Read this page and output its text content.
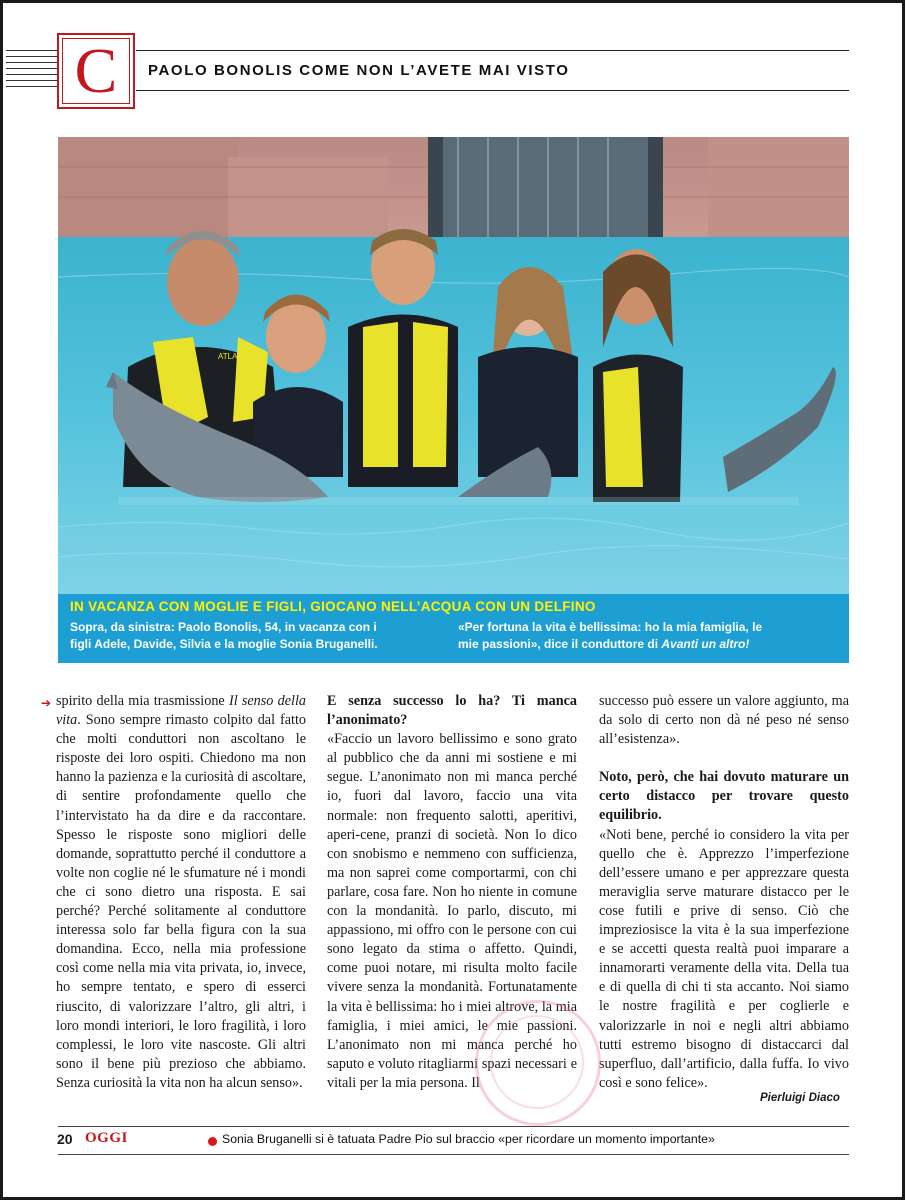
C	PAOLO BONOLIS COME NON L’AVETE MAI VISTO
ATLANTIS
IN VACANZA CON MOGLIE E FIGLI, GIOCANO NELL’ACQUA CON UN DELFINO
Sopra, da sinistra: Paolo Bonolis, 54, in vacanza con i
figli Adele, Davide, Silvia e la moglie Sonia Bruganelli.
«Per fortuna la vita è bellissima: ho la mia famiglia, le
mie passioni», dice il conduttore di Avanti un altro!
➔ spirito della mia trasmissione Il senso della vita. Sono sempre rimasto colpito dal fatto che molti conduttori non ascoltano le risposte dei loro ospiti. Chiedono ma non hanno la pazienza e la curiosità di ascoltare, di sentire profondamente quello che l’intervistato ha da dire e da raccontare. Spesso le risposte sono migliori delle domande, soprattutto perché il conduttore a volte non coglie né le sfumature né i mondi che ci sono dietro una risposta. E sai perché? Perché solitamente al conduttore interessa solo far bella figura con la sua domandina. Ecco, nella mia professione così come nella mia vita privata, io, invece, ho sempre tentato, e spero di esserci riuscito, di valorizzare l’altro, gli altri, i loro mondi interiori, le loro fragilità, i loro complessi, le loro vite nascoste. Gli altri sono il bene più prezioso che abbiamo. Senza curiosità la vita non ha alcun senso».

E senza successo lo ha? Ti manca l’anonimato?

«Faccio un lavoro bellissimo e sono grato al pubblico che da anni mi sostiene e mi segue. L’anonimato non mi manca perché io, fuori dal lavoro, faccio una vita normale: non frequento salotti, aperitivi, aperi-cene, pranzi di società. Non lo dico con snobismo e nemmeno con sufficienza, ma non saprei come comportarmi, con chi parlare, cosa fare. Non ho niente in comune con la mondanità. Io parlo, discuto, mi appassiono, mi offro con le persone con cui sono legato da stima o affetto. Quindi, come puoi notare, mi risulta molto facile vivere senza la mondanità. Fortunatamente la vita è bellissima: ho i miei altrove, la mia famiglia, i miei amici, le mie passioni. L’anonimato non mi manca perché ho saputo e voluto ritagliarmi spazi necessari e vitali per la mia persona. Il

successo può essere un valore aggiunto, ma da solo di certo non dà né peso né senso all’esistenza».

Noto, però, che hai dovuto maturare un certo distacco per trovare questo equilibrio.

«Noti bene, perché io considero la vita per quello che è. Apprezzo l’imperfezione dell’essere umano e per apprezzare questa meraviglia serve maturare distacco per le cose futili e prive di senso. Ciò che impreziosisce la vita è la sua imperfezione e se accetti questa realtà puoi imparare a innamorarti veramente della vita. Della tua e di quella di chi ti sta accanto. Noi siamo le nostre fragilità e per coglierle e valorizzarle in noi e negli altri abbiamo tutti estremo bisogno di distaccarci dal superfluo, dall’artificio, dalla fuffa. Io vivo così e sono felice».

Pierluigi Diaco
20 OGGI	Sonia Bruganelli si è tatuata Padre Pio sul braccio «per ricordare un momento importante»
